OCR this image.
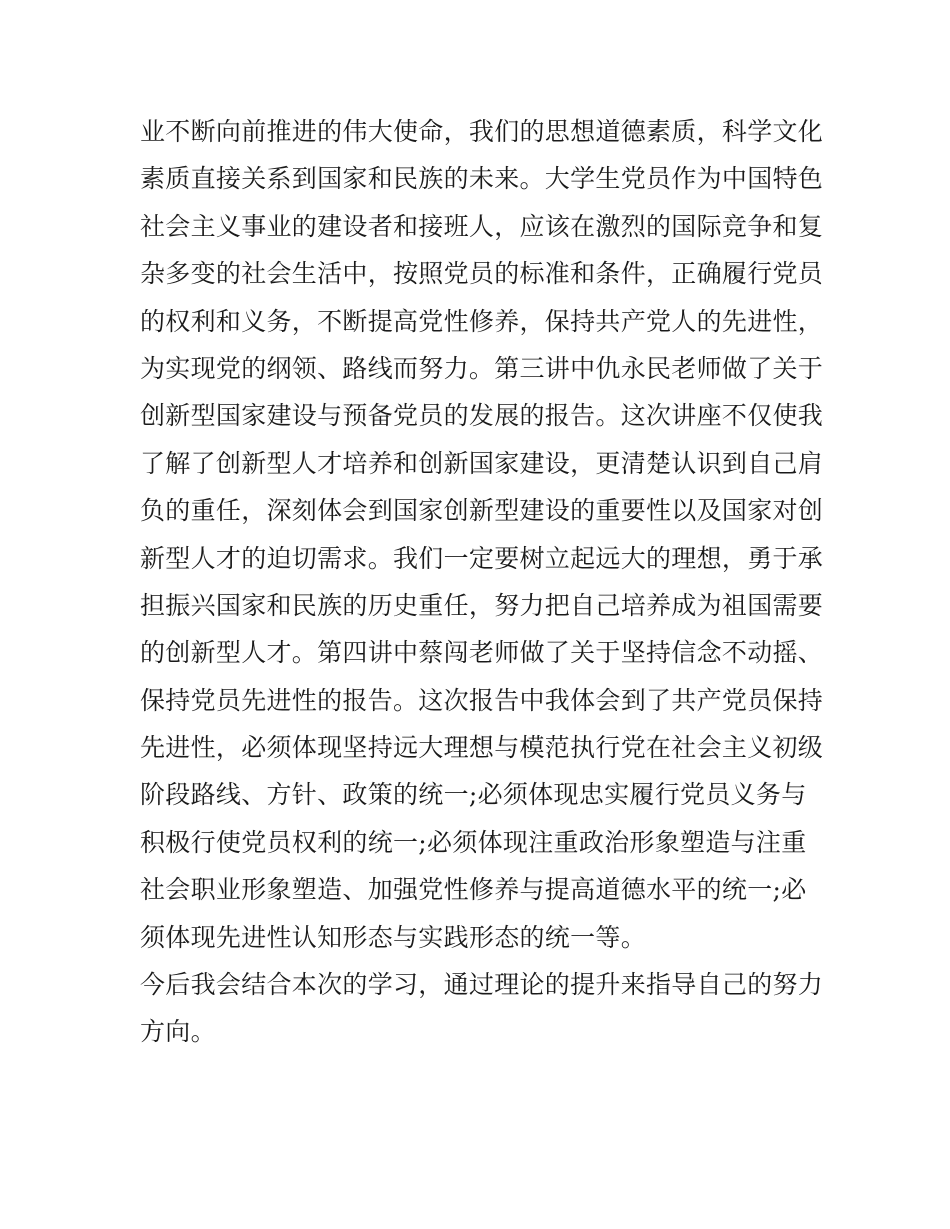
业不断向前推进的伟大使命，我们的思想道德素质，科学文化
素质直接关系到国家和民族的未来。大学生党员作为中国特色
社会主义事业的建设者和接班人，应该在激烈的国际竞争和复
杂多变的社会生活中，按照党员的标准和条件，正确履行党员
的权利和义务，不断提高党性修养，保持共产党人的先进性，
为实现党的纲领、路线而努力。第三讲中仇永民老师做了关于
创新型国家建设与预备党员的发展的报告。这次讲座不仅使我
了解了创新型人才培养和创新国家建设，更清楚认识到自己肩
负的重任，深刻体会到国家创新型建设的重要性以及国家对创
新型人才的迫切需求。我们一定要树立起远大的理想，勇于承
担振兴国家和民族的历史重任，努力把自己培养成为祖国需要
的创新型人才。第四讲中蔡闯老师做了关于坚持信念不动摇、
保持党员先进性的报告。这次报告中我体会到了共产党员保持
先进性，必须体现坚持远大理想与模范执行党在社会主义初级
阶段路线、方针、政策的统一;必须体现忠实履行党员义务与
积极行使党员权利的统一;必须体现注重政治形象塑造与注重
社会职业形象塑造、加强党性修养与提高道德水平的统一;必
须体现先进性认知形态与实践形态的统一等。
今后我会结合本次的学习，通过理论的提升来指导自己的努力
方向。
